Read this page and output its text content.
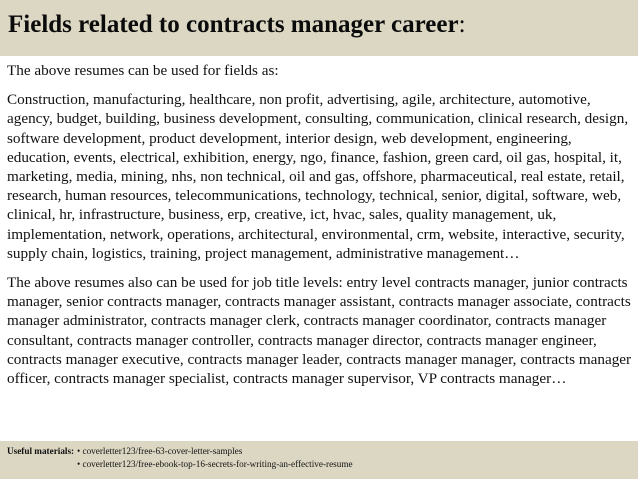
Fields related to contracts manager career:

The above resumes can be used for fields as:

Construction, manufacturing, healthcare, non profit, advertising, agile, architecture, automotive, agency, budget, building, business development, consulting, communication, clinical research, design, software development, product development, interior design, web development, engineering, education, events, electrical, exhibition, energy, ngo, finance, fashion, green card, oil gas, hospital, it, marketing, media, mining, nhs, non technical, oil and gas, offshore, pharmaceutical, real estate, retail, research, human resources, telecommunications, technology, technical, senior, digital, software, web, clinical, hr, infrastructure, business, erp, creative, ict, hvac, sales, quality management, uk, implementation, network, operations, architectural, environmental, crm, website, interactive, security, supply chain, logistics, training, project management, administrative management…

The above resumes also can be used for job title levels: entry level contracts manager, junior contracts manager, senior contracts manager, contracts manager assistant, contracts manager associate, contracts manager administrator, contracts manager clerk, contracts manager coordinator, contracts manager consultant, contracts manager controller, contracts manager director, contracts manager engineer, contracts manager executive, contracts manager leader, contracts manager manager, contracts manager officer, contracts manager specialist, contracts manager supervisor, VP contracts manager…

Useful materials: • coverletter123/free-63-cover-letter-samples
• coverletter123/free-ebook-top-16-secrets-for-writing-an-effective-resume
